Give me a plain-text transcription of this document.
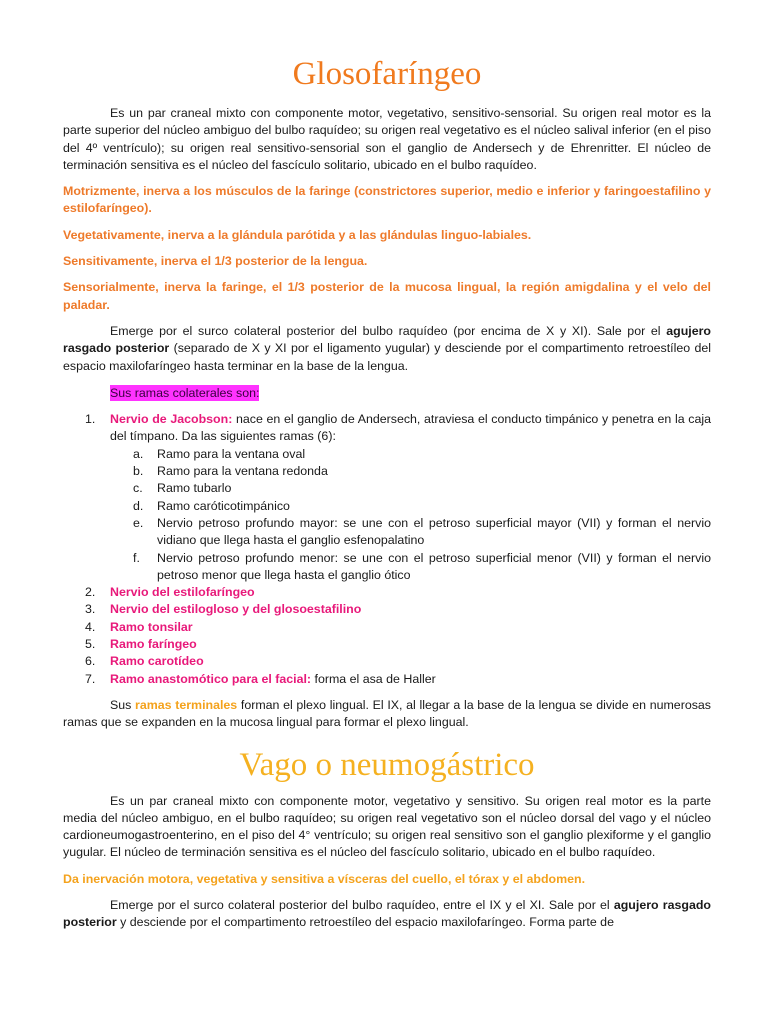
Glosofaríngeo

Es un par craneal mixto con componente motor, vegetativo, sensitivo-sensorial. Su origen real motor es la parte superior del núcleo ambiguo del bulbo raquídeo; su origen real vegetativo es el núcleo salival inferior (en el piso del 4º ventrículo); su origen real sensitivo-sensorial son el ganglio de Andersech y de Ehrenritter. El núcleo de terminación sensitiva es el núcleo del fascículo solitario, ubicado en el bulbo raquídeo.

Motrizmente, inerva a los músculos de la faringe (constrictores superior, medio e inferior y faringoestafilino y estilofaríngeo).

Vegetativamente, inerva a la glándula parótida y a las glándulas linguo-labiales.

Sensitivamente, inerva el 1/3 posterior de la lengua.

Sensorialmente, inerva la faringe, el 1/3 posterior de la mucosa lingual, la región amigdalina y el velo del paladar.

Emerge por el surco colateral posterior del bulbo raquídeo (por encima de X y XI). Sale por el agujero rasgado posterior (separado de X y XI por el ligamento yugular) y desciende por el compartimento retroestíleo del espacio maxilofaríngeo hasta terminar en la base de la lengua.

Sus ramas colaterales son:
1. Nervio de Jacobson: nace en el ganglio de Andersech, atraviesa el conducto timpánico y penetra en la caja del tímpano. Da las siguientes ramas (6):
a. Ramo para la ventana oval
b. Ramo para la ventana redonda
c. Ramo tubarlo
d. Ramo caróticotimpánico
e. Nervio petroso profundo mayor: se une con el petroso superficial mayor (VII) y forman el nervio vidiano que llega hasta el ganglio esfenopalatino
f. Nervio petroso profundo menor: se une con el petroso superficial menor (VII) y forman el nervio petroso menor que llega hasta el ganglio ótico
2. Nervio del estilofaríngeo
3. Nervio del estilogloso y del glosoestafilino
4. Ramo tonsilar
5. Ramo faríngeo
6. Ramo carotídeo
7. Ramo anastomótico para el facial: forma el asa de Haller

Sus ramas terminales forman el plexo lingual. El IX, al llegar a la base de la lengua se divide en numerosas ramas que se expanden en la mucosa lingual para formar el plexo lingual.

Vago o neumogástrico

Es un par craneal mixto con componente motor, vegetativo y sensitivo. Su origen real motor es la parte media del núcleo ambiguo, en el bulbo raquídeo; su origen real vegetativo son el núcleo dorsal del vago y el núcleo cardioneumogastroenterino, en el piso del 4° ventrículo; su origen real sensitivo son el ganglio plexiforme y el ganglio yugular. El núcleo de terminación sensitiva es el núcleo del fascículo solitario, ubicado en el bulbo raquídeo.

Da inervación motora, vegetativa y sensitiva a vísceras del cuello, el tórax y el abdomen.

Emerge por el surco colateral posterior del bulbo raquídeo, entre el IX y el XI. Sale por el agujero rasgado posterior y desciende por el compartimento retroestíleo del espacio maxilofaríngeo. Forma parte de
